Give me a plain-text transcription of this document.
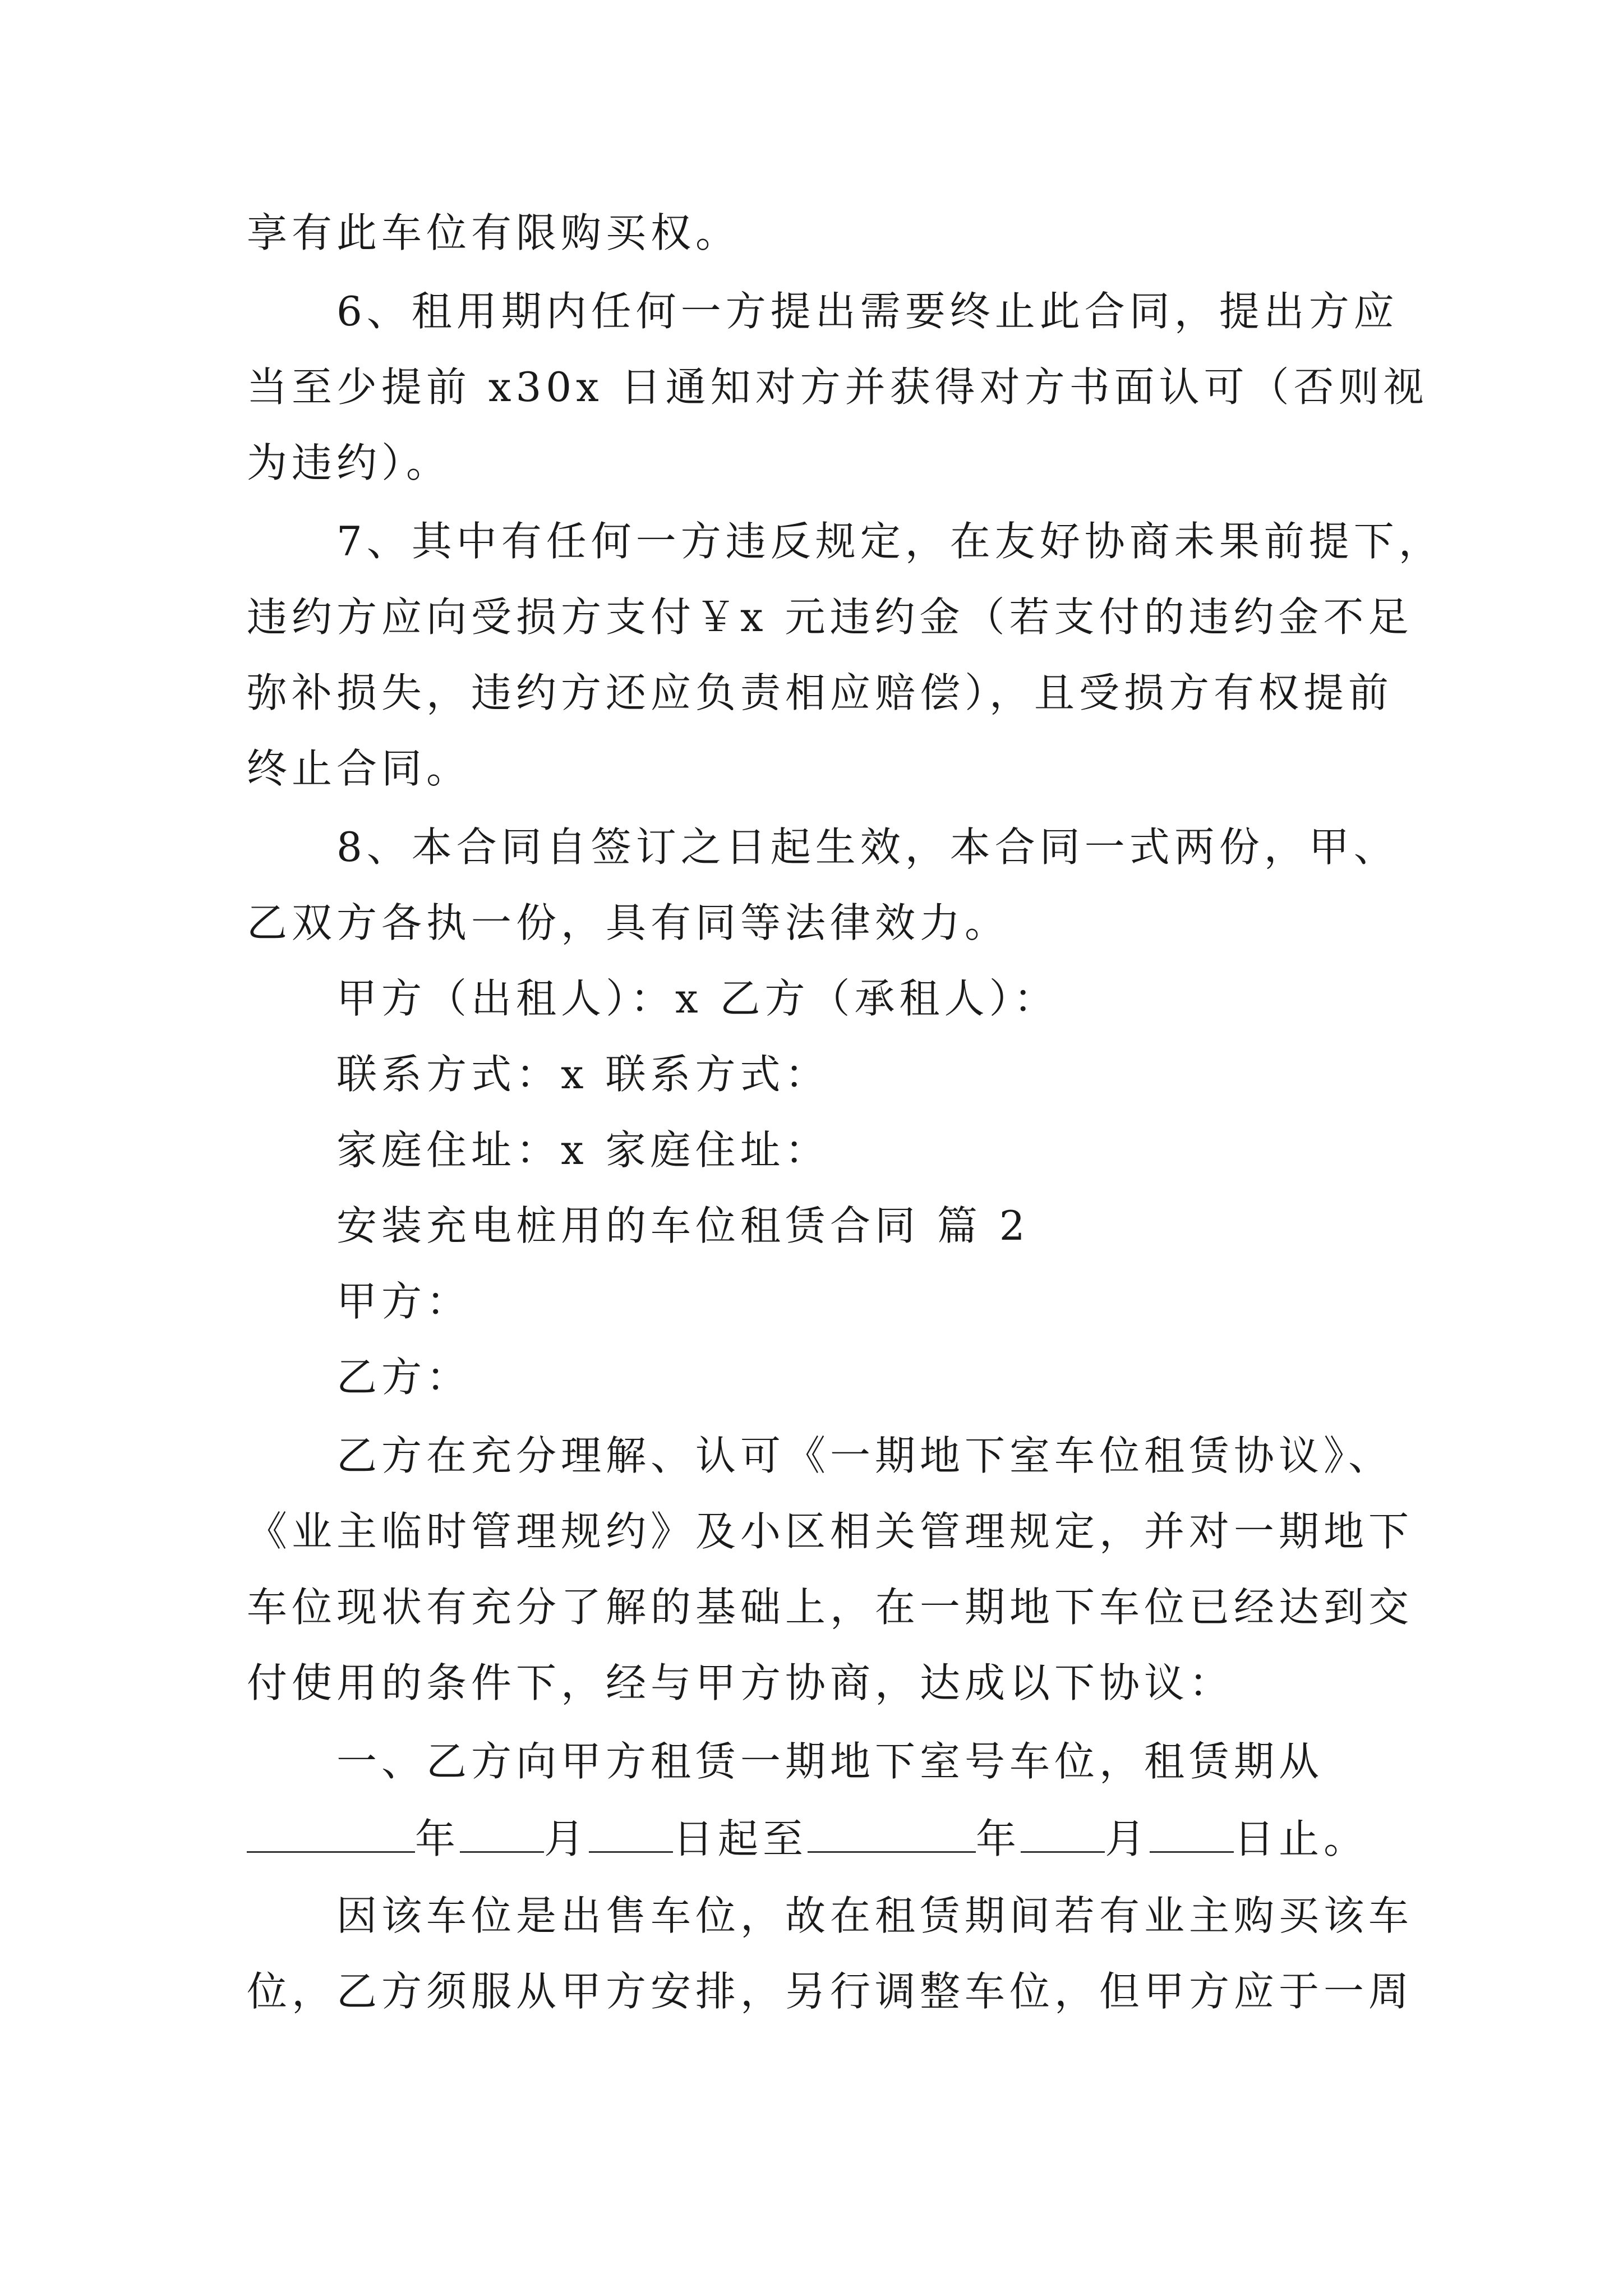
享有此车位有限购买权。
6、租用期内任何一方提出需要终止此合同，提出方应
当至少提前 x30x 日通知对方并获得对方书面认可（否则视
为违约）。
7、其中有任何一方违反规定，在友好协商未果前提下，
违约方应向受损方支付￥x 元违约金（若支付的违约金不足
弥补损失，违约方还应负责相应赔偿），且受损方有权提前
终止合同。
8、本合同自签订之日起生效，本合同一式两份，甲、
乙双方各执一份，具有同等法律效力。
甲方（出租人）：x 乙方（承租人）：
联系方式：x 联系方式：
家庭住址：x 家庭住址：
安装充电桩用的车位租赁合同 篇 2
甲方：
乙方：
乙方在充分理解、认可《一期地下室车位租赁协议》、
《业主临时管理规约》及小区相关管理规定，并对一期地下
车位现状有充分了解的基础上，在一期地下车位已经达到交
付使用的条件下，经与甲方协商，达成以下协议：
一、乙方向甲方租赁一期地下室号车位，租赁期从
年 月 日起至	年 月 日止。
因该车位是出售车位，故在租赁期间若有业主购买该车
位，乙方须服从甲方安排，另行调整车位，但甲方应于一周
